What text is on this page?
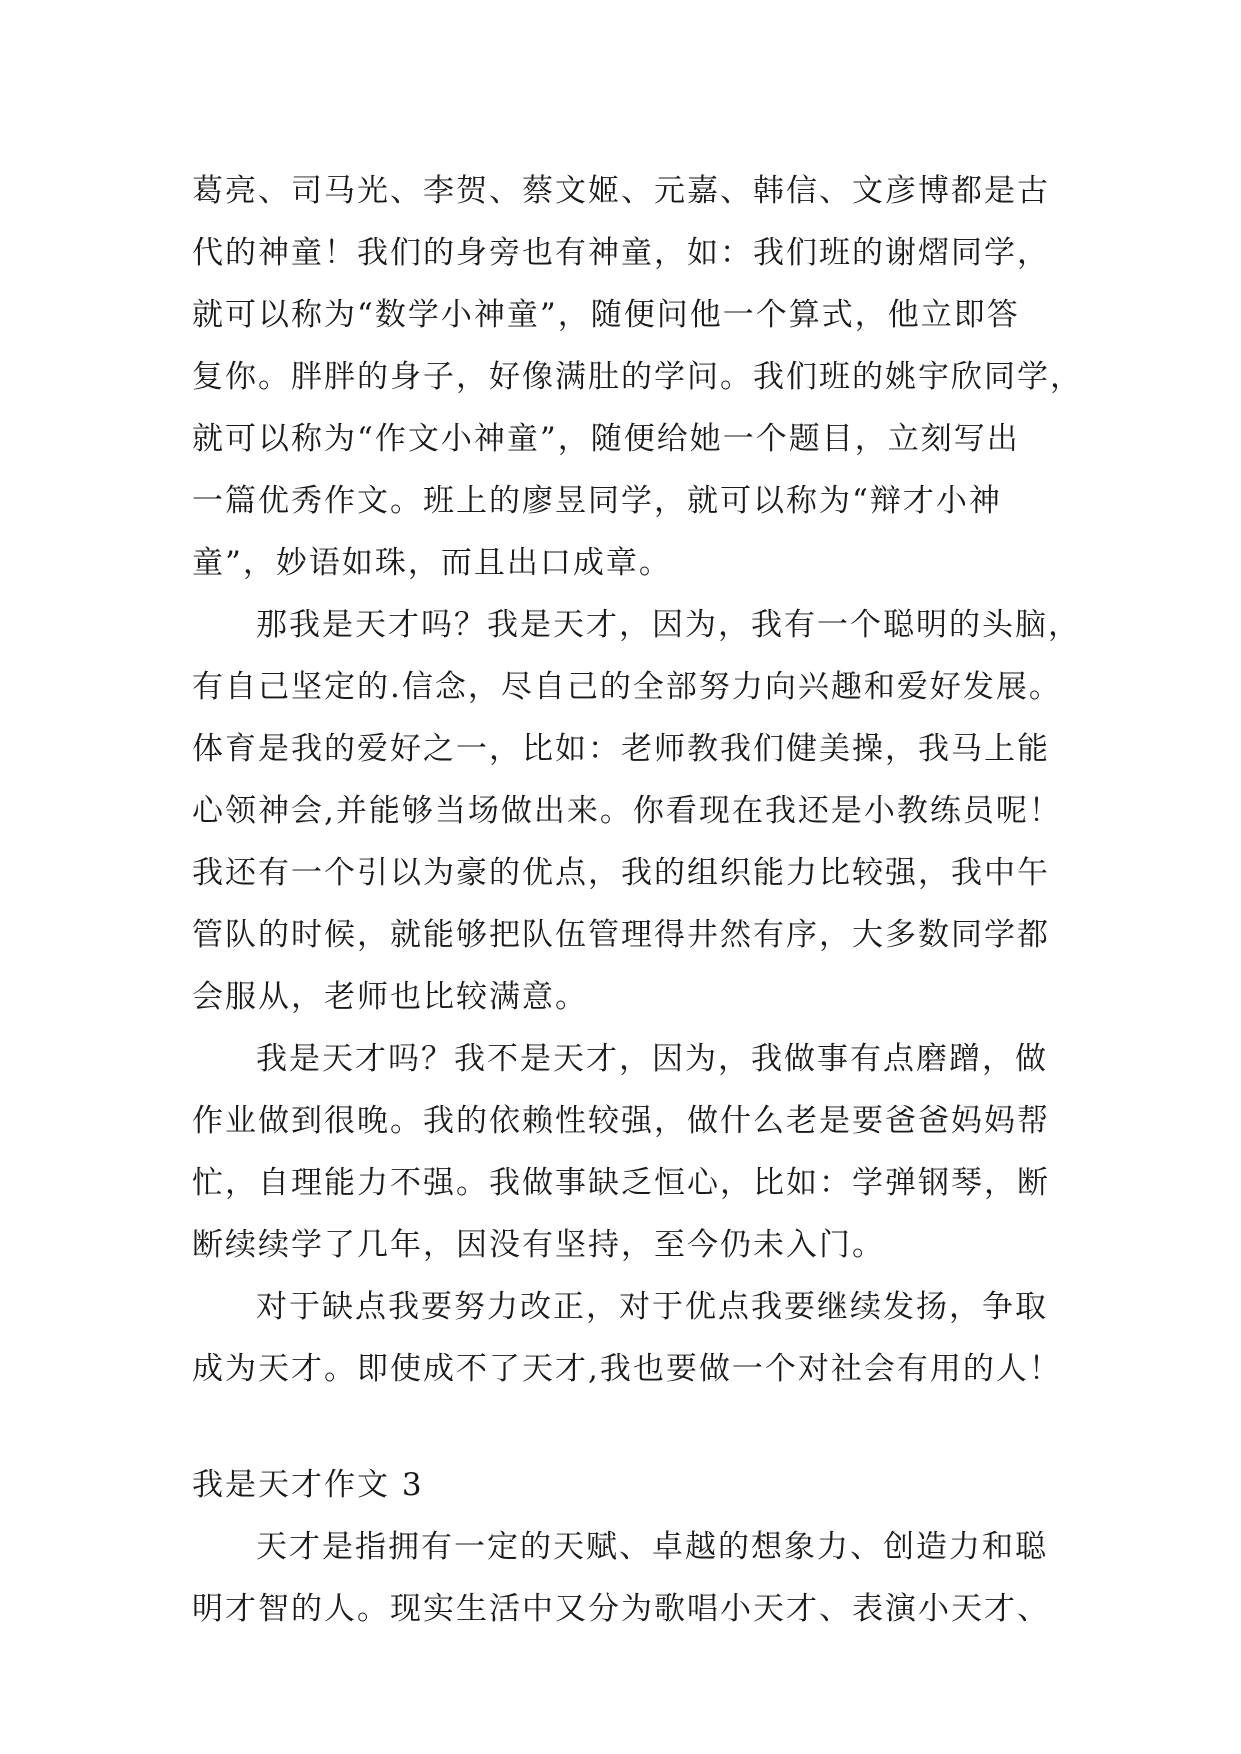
葛亮、司马光、李贺、蔡文姬、元嘉、韩信、文彦博都是古
代的神童！我们的身旁也有神童，如：我们班的谢熠同学，
就可以称为“数学小神童”，随便问他一个算式，他立即答
复你。胖胖的身子，好像满肚的学问。我们班的姚宇欣同学，
就可以称为“作文小神童”，随便给她一个题目，立刻写出
一篇优秀作文。班上的廖昱同学，就可以称为“辩才小神
童”，妙语如珠，而且出口成章。
那我是天才吗？我是天才，因为，我有一个聪明的头脑，
有自己坚定的.信念，尽自己的全部努力向兴趣和爱好发展。
体育是我的爱好之一，比如：老师教我们健美操，我马上能
心领神会,并能够当场做出来。你看现在我还是小教练员呢！
我还有一个引以为豪的优点，我的组织能力比较强，我中午
管队的时候，就能够把队伍管理得井然有序，大多数同学都
会服从，老师也比较满意。
我是天才吗？我不是天才，因为，我做事有点磨蹭，做
作业做到很晚。我的依赖性较强，做什么老是要爸爸妈妈帮
忙，自理能力不强。我做事缺乏恒心，比如：学弹钢琴，断
断续续学了几年，因没有坚持，至今仍未入门。
对于缺点我要努力改正，对于优点我要继续发扬，争取
成为天才。即使成不了天才,我也要做一个对社会有用的人！
我是天才作文 3
天才是指拥有一定的天赋、卓越的想象力、创造力和聪
明才智的人。现实生活中又分为歌唱小天才、表演小天才、
